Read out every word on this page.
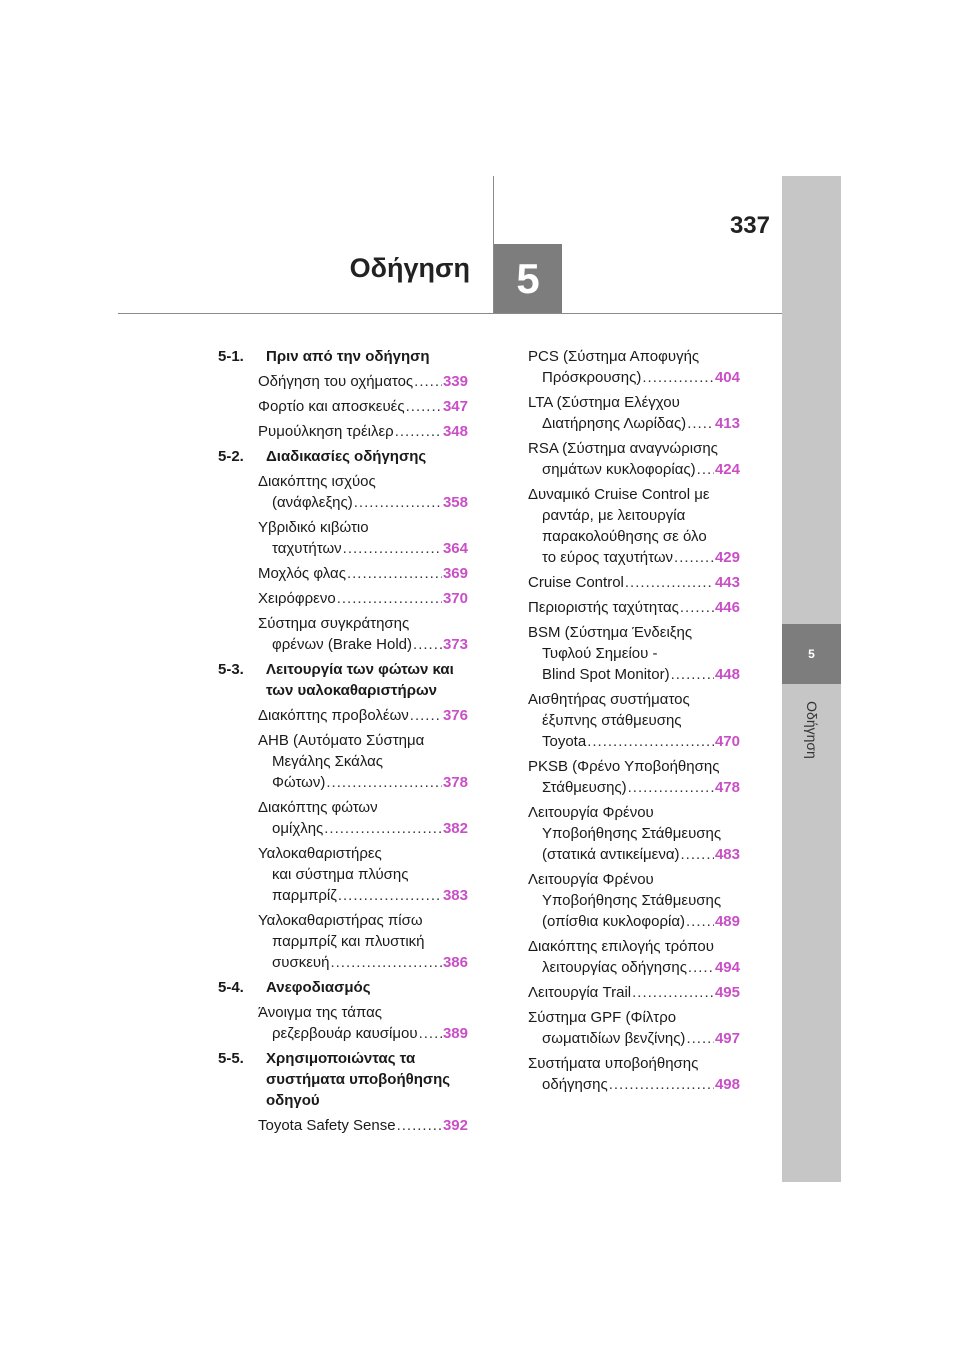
337
Οδήγηση 5
5
Οδήγηση
5-1. Πριν από την οδήγηση
Οδήγηση του οχήματος ..... 339
Φορτίο και αποσκευές .....	347
Ρυμούλκηση τρέιλερ .....	348
5-2. Διαδικασίες οδήγησης
Διακόπτης ισχύος
(ανάφλεξης) .....	358
Υβριδικό κιβώτιο
ταχυτήτων .....	364
Μοχλός φλας .....	369
Χειρόφρενο .....	370
Σύστημα συγκράτησης
φρένων (Brake Hold) ..... 373
5-3. Λειτουργία των φώτων και
των υαλοκαθαριστήρων
Διακόπτης προβολέων ..... 376
AHB (Αυτόματο Σύστημα
Μεγάλης Σκάλας
Φώτων) .....	378
Διακόπτης φώτων
ομίχλης .....	382
Υαλοκαθαριστήρες
και σύστημα πλύσης
παρμπρίζ .....	383
Υαλοκαθαριστήρας πίσω
παρμπρίζ και πλυστική
συσκευή .....	386
5-4. Ανεφοδιασμός
Άνοιγμα της τάπας
ρεζερβουάρ καυσίμου ..... 389
5-5. Χρησιμοποιώντας τα
συστήματα υποβοήθησης
οδηγού
Toyota Safety Sense .....	392
PCS (Σύστημα Αποφυγής
Πρόσκρουσης) .....	404
LTA (Σύστημα Ελέγχου
Διατήρησης Λωρίδας) ..... 413
RSA (Σύστημα αναγνώρισης
σημάτων κυκλοφορίας) ..... 424
Δυναμικό Cruise Control με
ραντάρ, με λειτουργία
παρακολούθησης σε όλο
το εύρος ταχυτήτων .....	429
Cruise Control .....	443
Περιοριστής ταχύτητας ..... 446
BSM (Σύστημα Ένδειξης
Τυφλού Σημείου -
Blind Spot Monitor) .....	448
Αισθητήρας συστήματος
έξυπνης στάθμευσης
Toyota .....	470
PKSB (Φρένο Υποβοήθησης
Στάθμευσης) .....	478
Λειτουργία Φρένου
Υποβοήθησης Στάθμευσης
(στατικά αντικείμενα) ..... 483
Λειτουργία Φρένου
Υποβοήθησης Στάθμευσης
(οπίσθια κυκλοφορία) ..... 489
Διακόπτης επιλογής τρόπου
λειτουργίας οδήγησης ..... 494
Λειτουργία Trail .....	495
Σύστημα GPF (Φίλτρο
σωματιδίων βενζίνης) ..... 497
Συστήματα υποβοήθησης
οδήγησης .....	498
